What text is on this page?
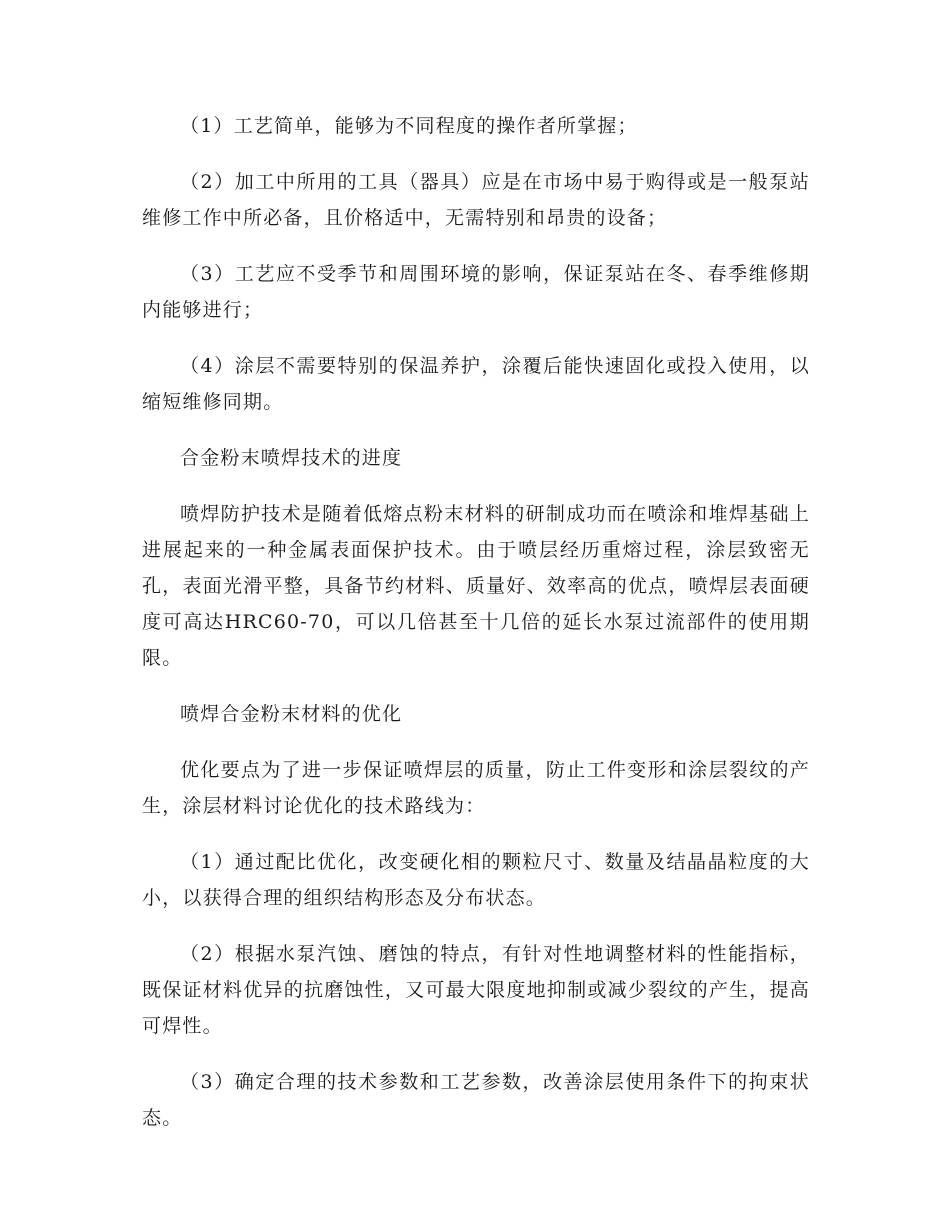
（1）工艺简单，能够为不同程度的操作者所掌握；

（2）加工中所用的工具（器具）应是在市场中易于购得或是一般泵站维修工作中所必备，且价格适中，无需特别和昂贵的设备；

（3）工艺应不受季节和周围环境的影响，保证泵站在冬、春季维修期内能够进行；

（4）涂层不需要特别的保温养护，涂覆后能快速固化或投入使用，以缩短维修同期。

合金粉末喷焊技术的进度

喷焊防护技术是随着低熔点粉末材料的研制成功而在喷涂和堆焊基础上进展起来的一种金属表面保护技术。由于喷层经历重熔过程，涂层致密无孔，表面光滑平整，具备节约材料、质量好、效率高的优点，喷焊层表面硬度可高达HRC60-70，可以几倍甚至十几倍的延长水泵过流部件的使用期限。

喷焊合金粉末材料的优化

优化要点为了进一步保证喷焊层的质量，防止工件变形和涂层裂纹的产生，涂层材料讨论优化的技术路线为：

（1）通过配比优化，改变硬化相的颗粒尺寸、数量及结晶晶粒度的大小，以获得合理的组织结构形态及分布状态。

（2）根据水泵汽蚀、磨蚀的特点，有针对性地调整材料的性能指标，既保证材料优异的抗磨蚀性，又可最大限度地抑制或减少裂纹的产生，提高可焊性。

（3）确定合理的技术参数和工艺参数，改善涂层使用条件下的拘束状态。
